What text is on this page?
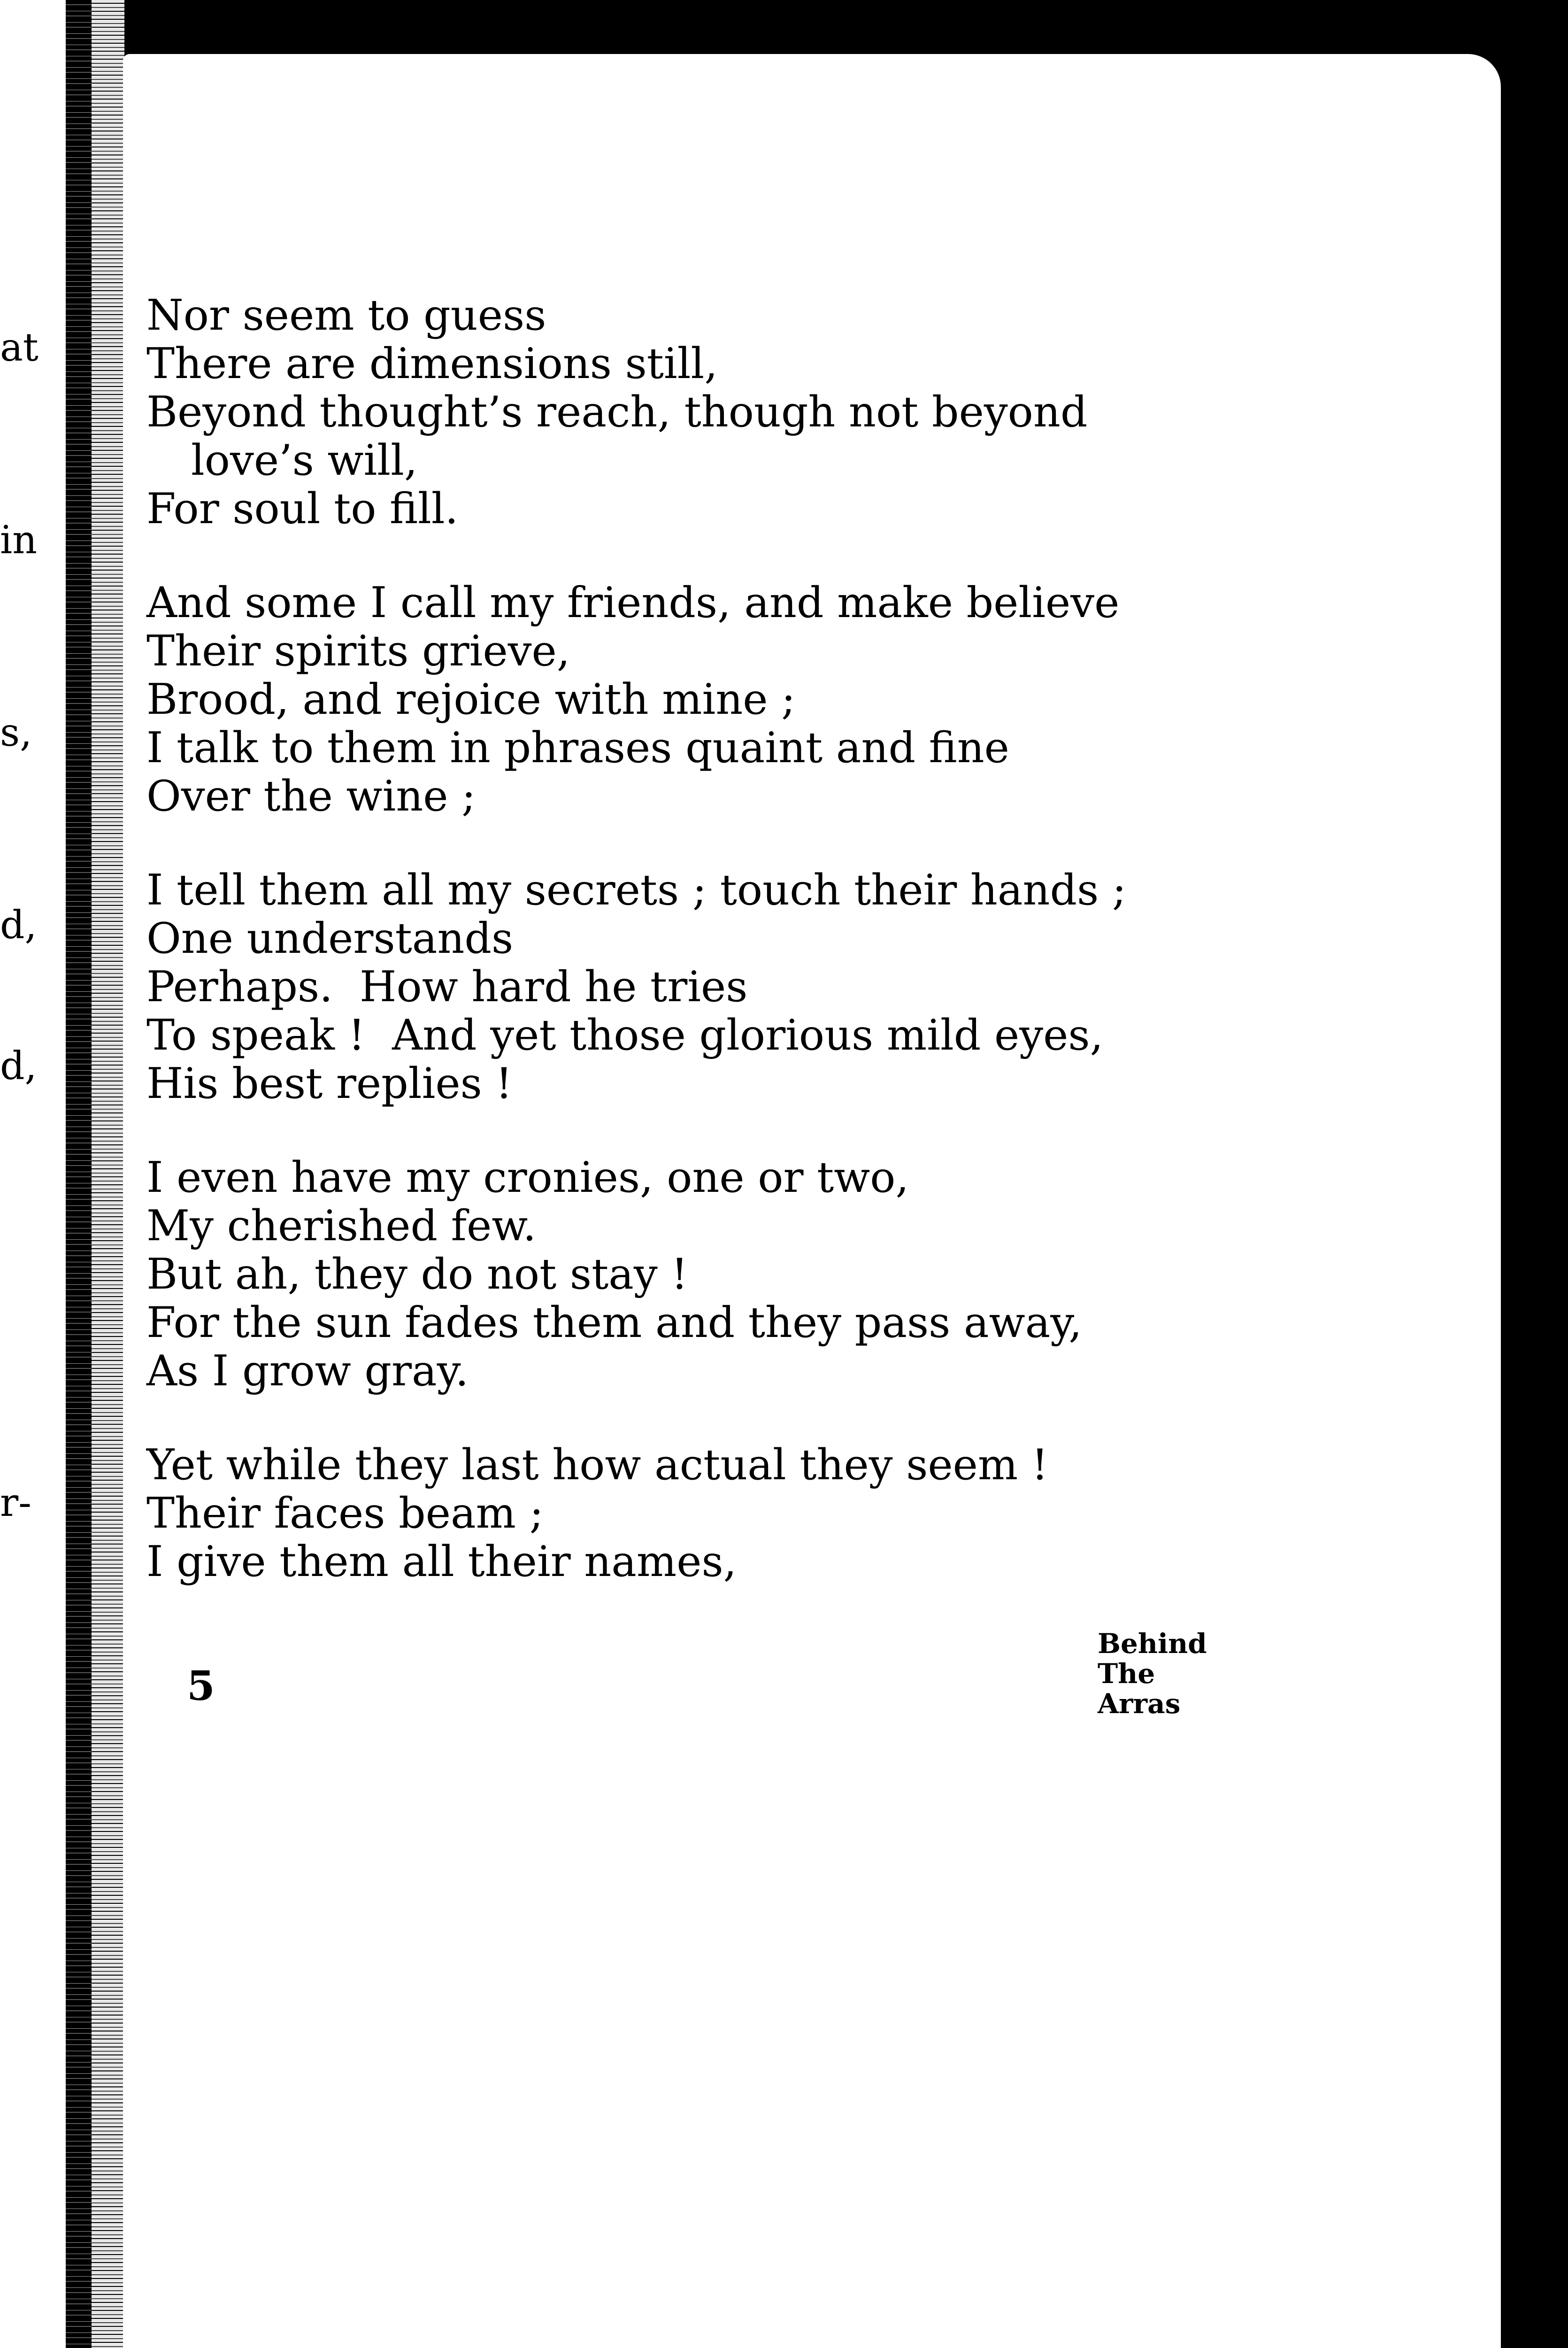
at
in
s,
d,
d,
r-
Nor seem to guess
There are dimensions still,
Beyond thought’s reach, though not beyond
love’s will,
For soul to fill.
And some I call my friends, and make believe
Their spirits grieve,
Brood, and rejoice with mine ;
I talk to them in phrases quaint and fine
Over the wine ;
I tell them all my secrets ; touch their hands ;
One understands
Perhaps.  How hard he tries
To speak !  And yet those glorious mild eyes,
His best replies !
I even have my cronies, one or two,
My cherished few.
But ah, they do not stay !
For the sun fades them and they pass away,
As I grow gray.
Yet while they last how actual they seem !
Their faces beam ;
I give them all their names,
5
Behind
The
Arras
